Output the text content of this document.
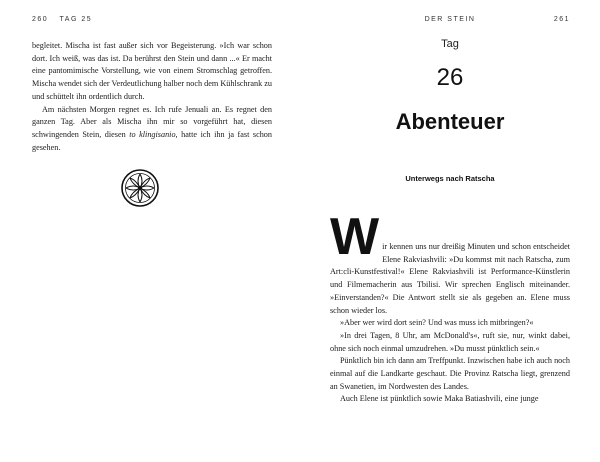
260 TAG 25

begleitet. Mischa ist fast außer sich vor Begeisterung. »Ich war schon dort. Ich weiß, was das ist. Da berührst den Stein und dann ...« Er macht eine pantomimische Vorstellung, wie von einem Stromschlag getroffen. Mischa wendet sich der Verdeutlichung halber noch dem Kühlschrank zu und schüttelt ihn ordentlich durch.

Am nächsten Morgen regnet es. Ich rufe Jenuali an. Es regnet den ganzen Tag. Aber als Mischa ihn mir so vorgeführt hat, diesen schwingenden Stein, diesen to klingisanio, hatte ich ihn ja fast schon gesehen.

DER STEIN	261
Tag
26
Abenteuer
Unterwegs nach Ratscha

Wir kennen uns nur dreißig Minuten und schon entscheidet Elene Rakviashvili: »Du kommst mit nach Ratscha, zum Art:cli-Kunstfestival!« Elene Rakviashvili ist Performance-Künstlerin und Filmemacherin aus Tbilisi. Wir sprechen Englisch miteinander. »Einverstanden?« Die Antwort stellt sie als gegeben an. Elene muss schon wieder los.

»Aber wer wird dort sein? Und was muss ich mitbringen?«

»In drei Tagen, 8 Uhr, am McDonald's«, ruft sie, nur, winkt dabei, ohne sich noch einmal umzudrehen. »Du musst pünktlich sein.«

Pünktlich bin ich dann am Treffpunkt. Inzwischen habe ich auch noch einmal auf die Landkarte geschaut. Die Provinz Ratscha liegt, grenzend an Swanetien, im Nordwesten des Landes.

Auch Elene ist pünktlich sowie Maka Batiashvili, eine junge
